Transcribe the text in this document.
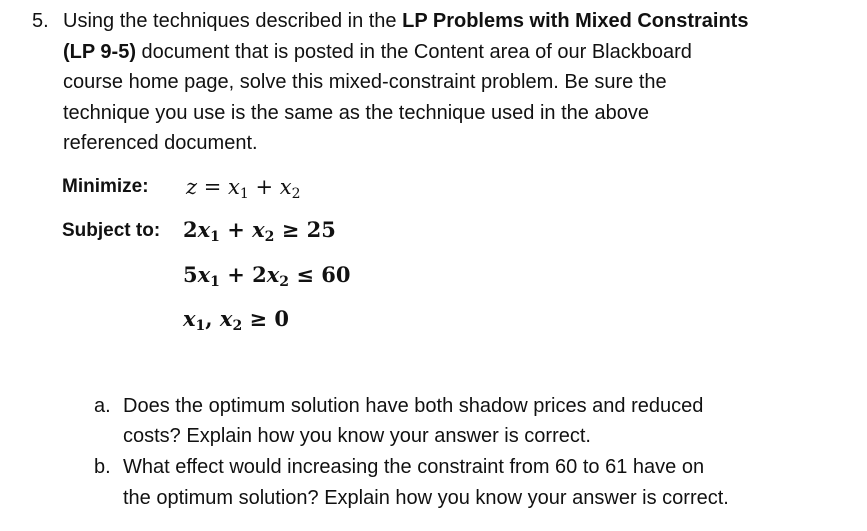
5. Using the techniques described in the LP Problems with Mixed Constraints
(LP 9-5) document that is posted in the Content area of our Blackboard
course home page, solve this mixed-constraint problem. Be sure the
technique you use is the same as the technique used in the above
referenced document.
Minimize: $z = x_1 + x_2$
Subject to: $2x_1 + x_2 \ge 25$
$5x_1 + 2x_2 \le 60$
$x_1$, $x_2 \ge 0$
a. Does the optimum solution have both shadow prices and reduced
costs? Explain how you know your answer is correct.
b. What effect would increasing the constraint from 60 to 61 have on
the optimum solution? Explain how you know your answer is correct.
